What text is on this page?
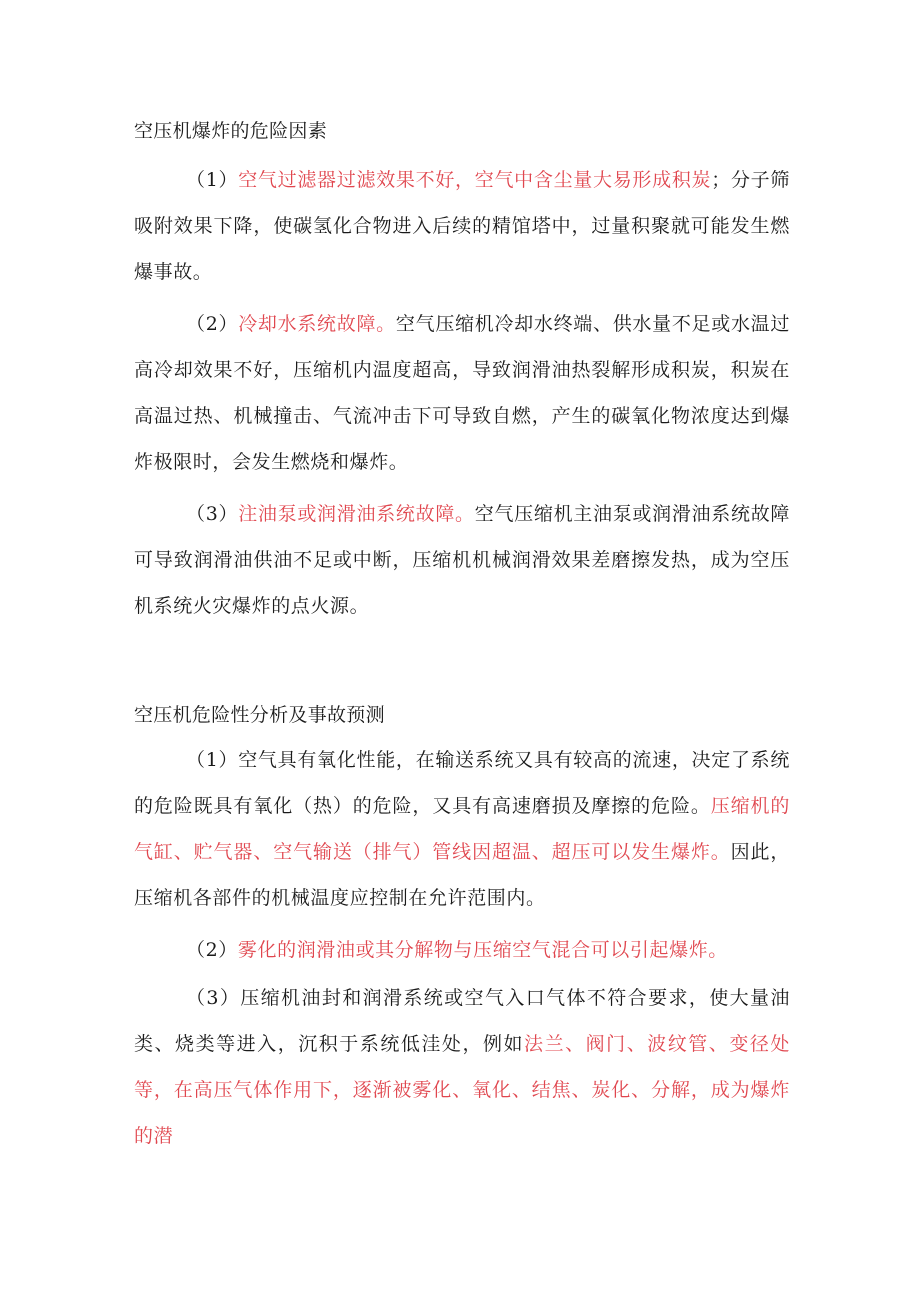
空压机爆炸的危险因素

（1）空气过滤器过滤效果不好，空气中含尘量大易形成积炭；分子筛吸附效果下降，使碳氢化合物进入后续的精馆塔中，过量积聚就可能发生燃爆事故。

（2）冷却水系统故障。空气压缩机冷却水终端、供水量不足或水温过高冷却效果不好，压缩机内温度超高，导致润滑油热裂解形成积炭，积炭在高温过热、机械撞击、气流冲击下可导致自燃，产生的碳氧化物浓度达到爆炸极限时，会发生燃烧和爆炸。

（3）注油泵或润滑油系统故障。空气压缩机主油泵或润滑油系统故障可导致润滑油供油不足或中断，压缩机机械润滑效果差磨擦发热，成为空压机系统火灾爆炸的点火源。

空压机危险性分析及事故预测

（1）空气具有氧化性能，在输送系统又具有较高的流速，决定了系统的危险既具有氧化（热）的危险，又具有高速磨损及摩擦的危险。压缩机的气缸、贮气器、空气输送（排气）管线因超温、超压可以发生爆炸。因此，压缩机各部件的机械温度应控制在允许范围内。

（2）雾化的润滑油或其分解物与压缩空气混合可以引起爆炸。

（3）压缩机油封和润滑系统或空气入口气体不符合要求，使大量油类、烧类等进入，沉积于系统低洼处，例如法兰、阀门、波纹管、变径处等，在高压气体作用下，逐渐被雾化、氧化、结焦、炭化、分解，成为爆炸的潜
